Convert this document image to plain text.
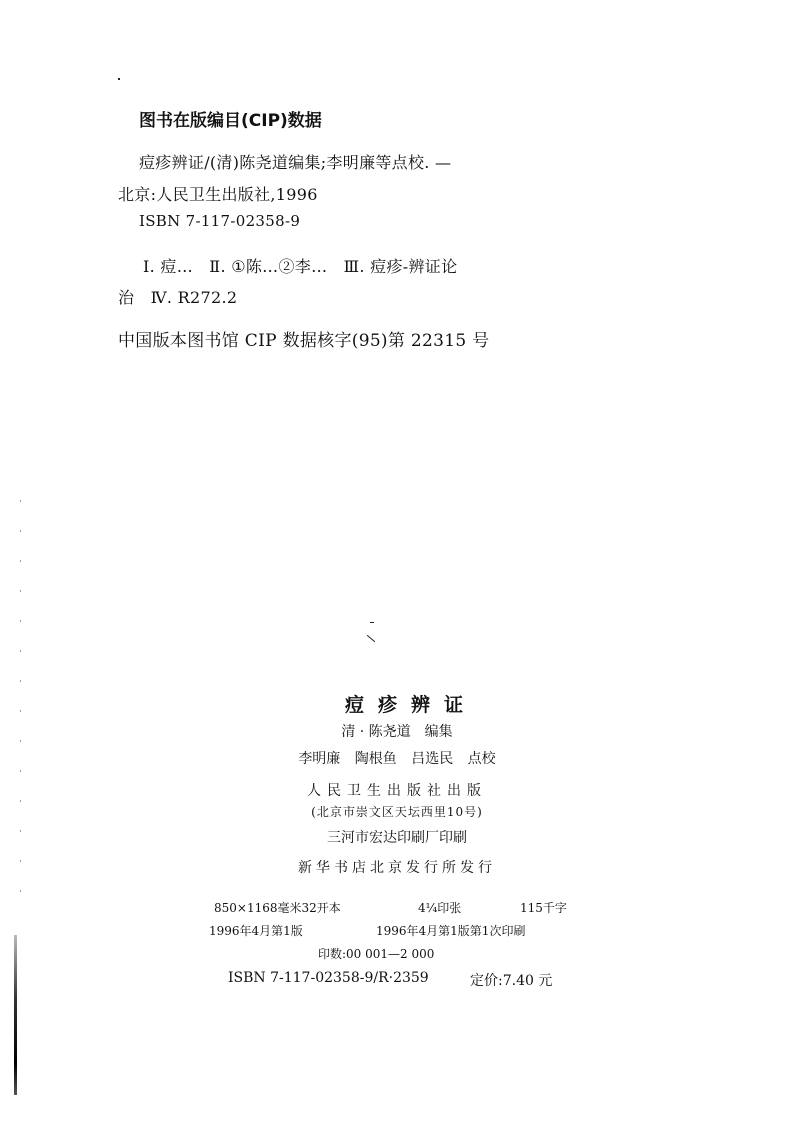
图书在版编目(CIP)数据
痘疹辨证/(清)陈尧道编集;李明廉等点校. —
北京:人民卫生出版社,1996
ISBN 7-117-02358-9
Ⅰ. 痘…　Ⅱ. ①陈…②李…　Ⅲ. 痘疹-辨证论
治　Ⅳ. R272.2
中国版本图书馆 CIP 数据核字(95)第 22315 号
痘疹辨证
清 · 陈尧道　编集
李明廉 陶根鱼 吕选民 点校
人民卫生出版社出版
(北京市崇文区天坛西里10号)
三河市宏达印刷厂印刷
新华书店北京发行所发行
850×1168毫米32开本	4¼印张	115千字
1996年4月第1版	1996年4月第1版第1次印刷
印数:00 001—2 000
ISBN 7-117-02358-9/R·2359	定价:7.40 元
